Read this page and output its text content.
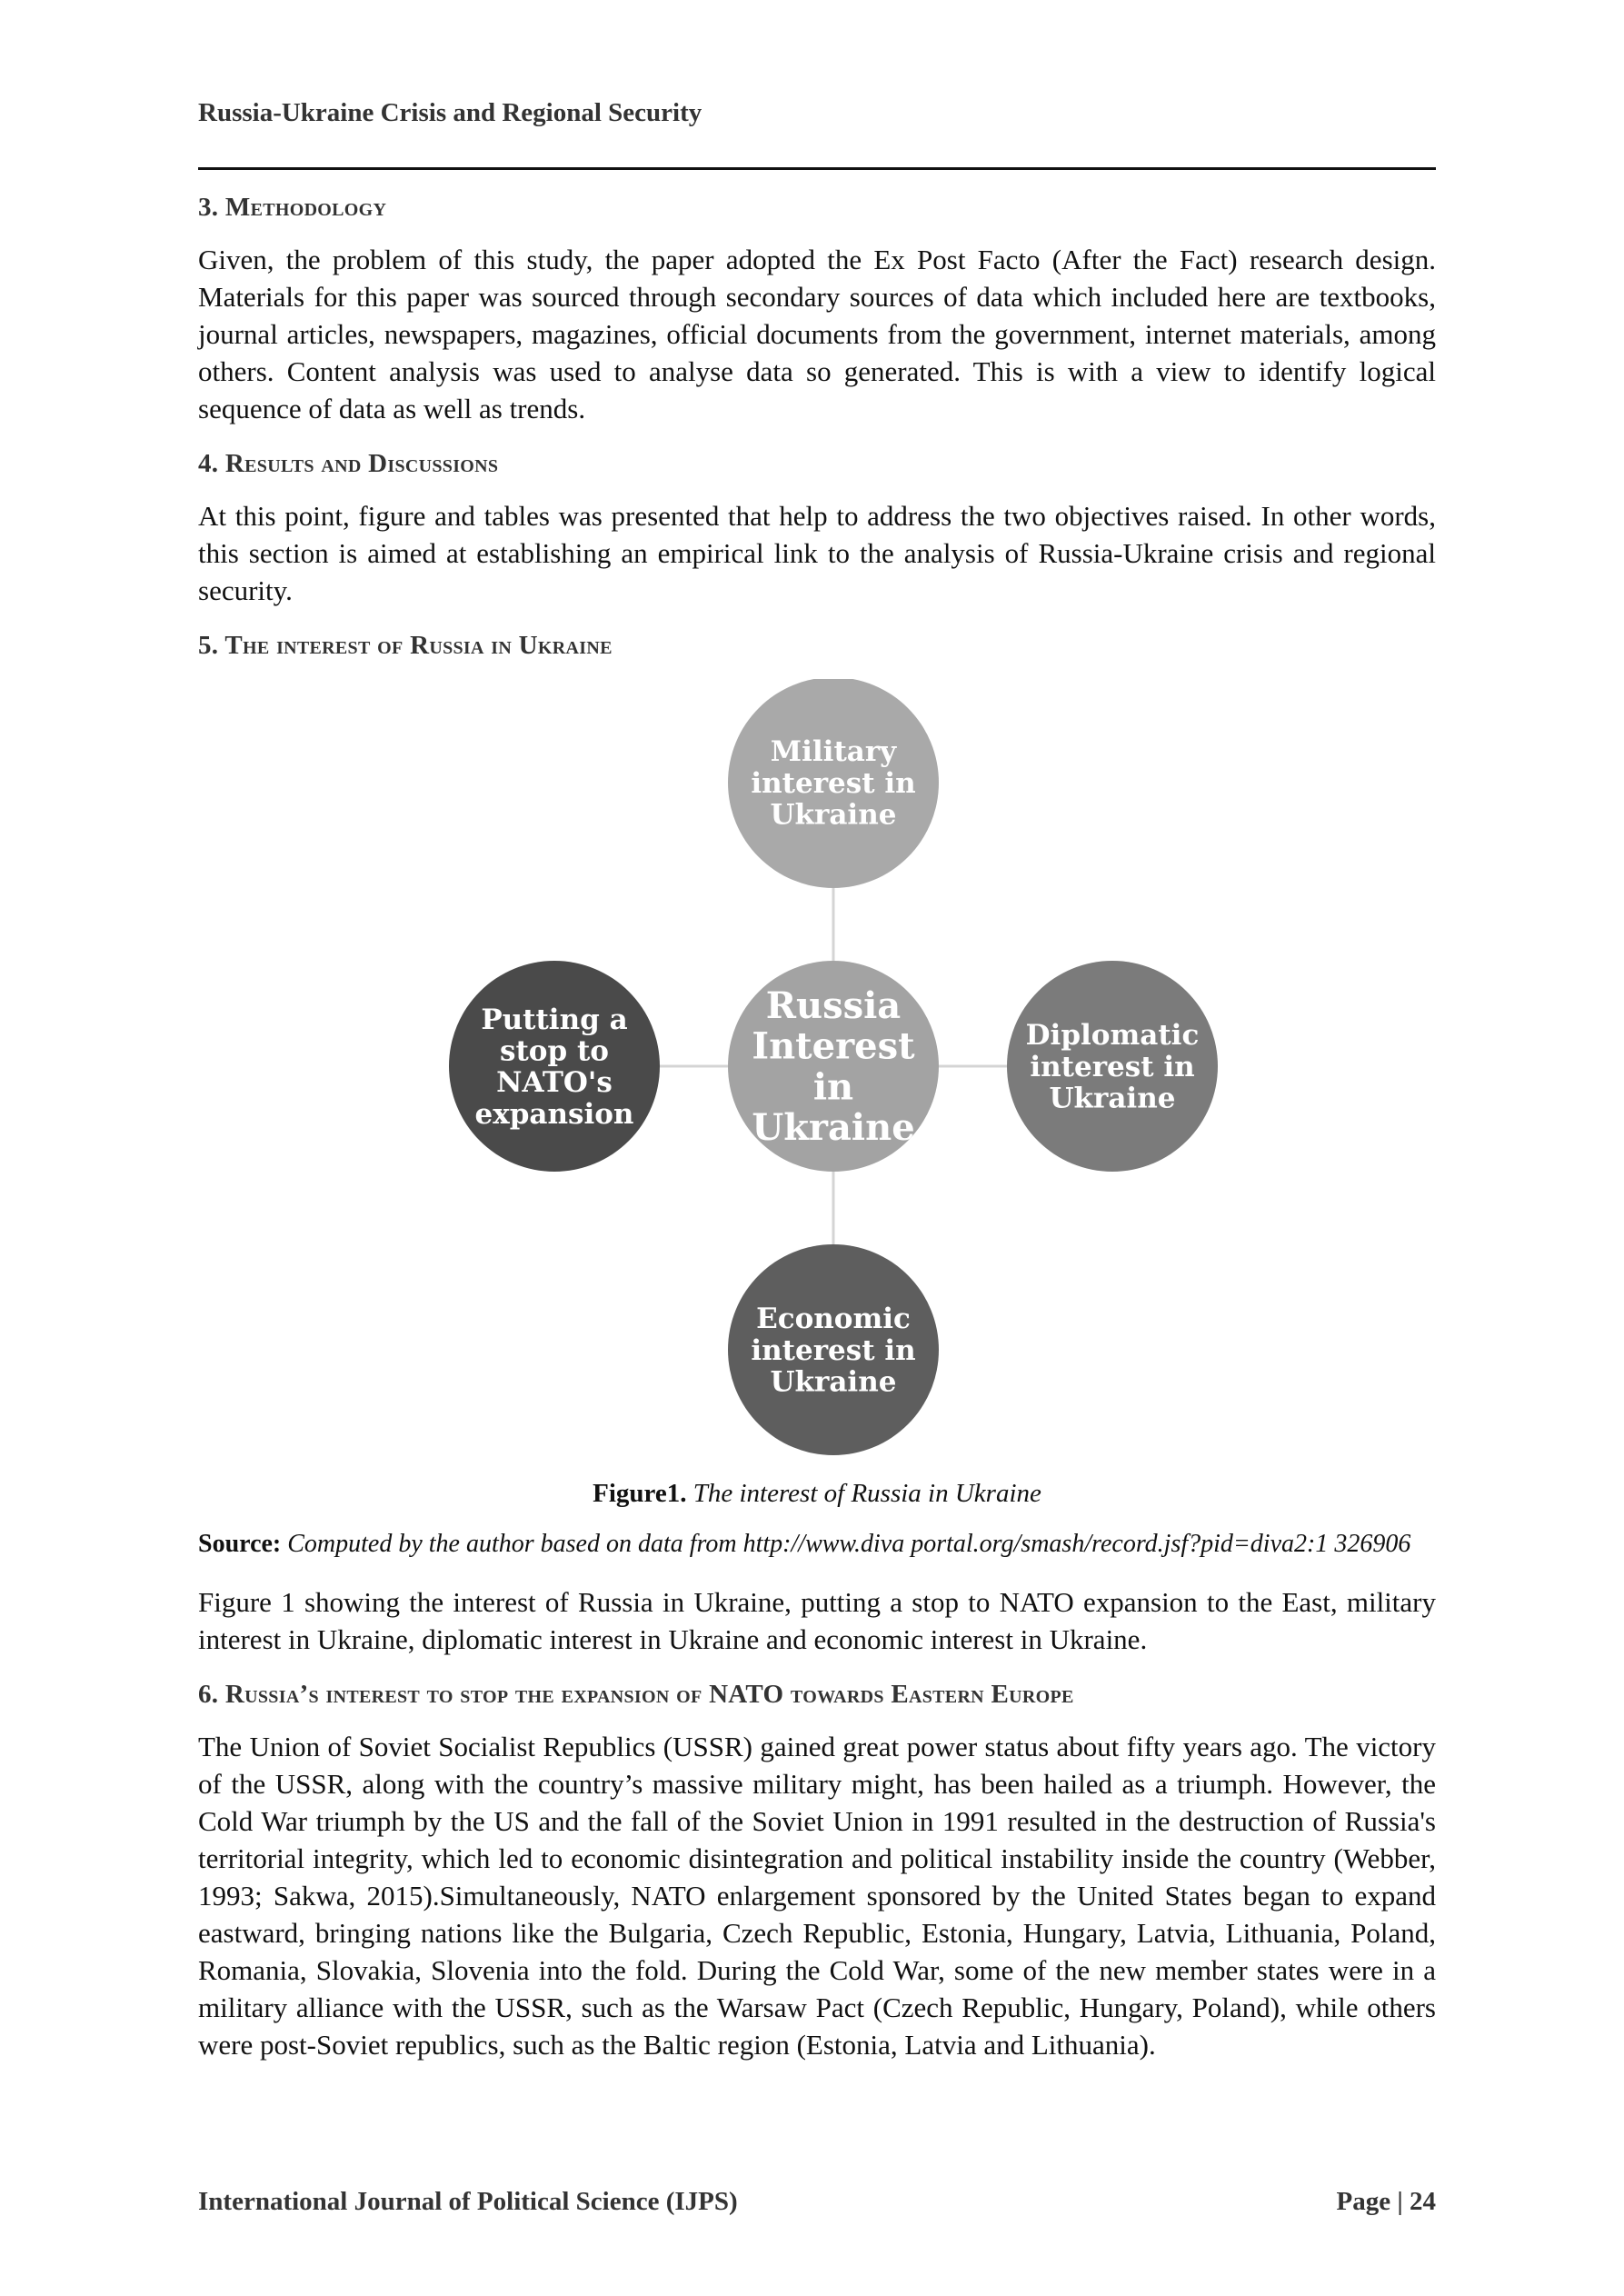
Russia-Ukraine Crisis and Regional Security
3. Methodology

Given, the problem of this study, the paper adopted the Ex Post Facto (After the Fact) research design. Materials for this paper was sourced through secondary sources of data which included here are textbooks, journal articles, newspapers, magazines, official documents from the government, internet materials, among others. Content analysis was used to analyse data so generated. This is with a view to identify logical sequence of data as well as trends.

4. Results and Discussions

At this point, figure and tables was presented that help to address the two objectives raised. In other words, this section is aimed at establishing an empirical link to the analysis of Russia-Ukraine crisis and regional security.

5. The interest of Russia in Ukraine
Military interest in Ukraine
Diplomatic interest in Ukraine
Economic interest in Ukraine
Putting a stop to NATO's expansion
Russia Interest in Ukraine
Figure1. The interest of Russia in Ukraine
Source: Computed by the author based on data from http://www.diva portal.org/smash/record.jsf?pid=diva2:1 326906

Figure 1 showing the interest of Russia in Ukraine, putting a stop to NATO expansion to the East, military interest in Ukraine, diplomatic interest in Ukraine and economic interest in Ukraine.

6. Russia’s interest to stop the expansion of NATO towards Eastern Europe

The Union of Soviet Socialist Republics (USSR) gained great power status about fifty years ago. The victory of the USSR, along with the country’s massive military might, has been hailed as a triumph. However, the Cold War triumph by the US and the fall of the Soviet Union in 1991 resulted in the destruction of Russia's territorial integrity, which led to economic disintegration and political instability inside the country (Webber, 1993; Sakwa, 2015).Simultaneously, NATO enlargement sponsored by the United States began to expand eastward, bringing nations like the Bulgaria, Czech Republic, Estonia, Hungary, Latvia, Lithuania, Poland, Romania, Slovakia, Slovenia into the fold. During the Cold War, some of the new member states were in a military alliance with the USSR, such as the Warsaw Pact (Czech Republic, Hungary, Poland), while others were post-Soviet republics, such as the Baltic region (Estonia, Latvia and Lithuania).

International Journal of Political Science (IJPS)	Page | 24
